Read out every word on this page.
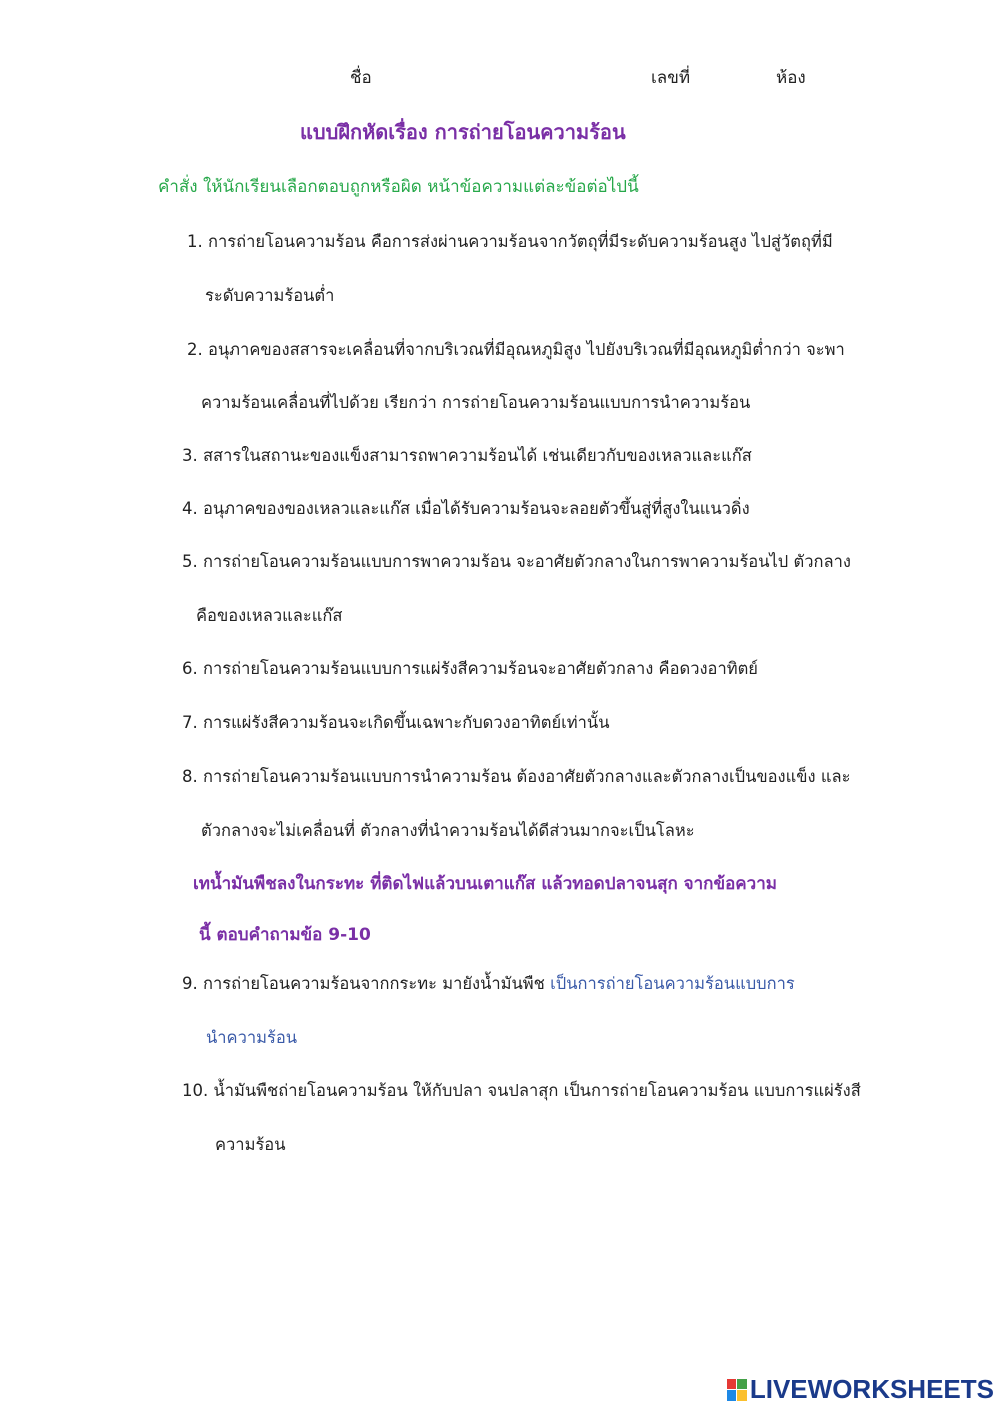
ชื่อ	เลขที่	ห้อง
แบบฝึกหัดเรื่อง การถ่ายโอนความร้อน
คำสั่ง ให้นักเรียนเลือกตอบถูกหรือผิด หน้าข้อความแต่ละข้อต่อไปนี้
1. การถ่ายโอนความร้อน คือการส่งผ่านความร้อนจากวัตถุที่มีระดับความร้อนสูง ไปสู่วัตถุที่มี
ระดับความร้อนต่ำ
2. อนุภาคของสสารจะเคลื่อนที่จากบริเวณที่มีอุณหภูมิสูง ไปยังบริเวณที่มีอุณหภูมิต่ำกว่า จะพา
ความร้อนเคลื่อนที่ไปด้วย เรียกว่า การถ่ายโอนความร้อนแบบการนำความร้อน
3. สสารในสถานะของแข็งสามารถพาความร้อนได้ เช่นเดียวกับของเหลวและแก๊ส
4. อนุภาคของของเหลวและแก๊ส เมื่อได้รับความร้อนจะลอยตัวขึ้นสู่ที่สูงในแนวดิ่ง
5. การถ่ายโอนความร้อนแบบการพาความร้อน จะอาศัยตัวกลางในการพาความร้อนไป ตัวกลาง
คือของเหลวและแก๊ส
6. การถ่ายโอนความร้อนแบบการแผ่รังสีความร้อนจะอาศัยตัวกลาง คือดวงอาทิตย์
7. การแผ่รังสีความร้อนจะเกิดขึ้นเฉพาะกับดวงอาทิตย์เท่านั้น
8. การถ่ายโอนความร้อนแบบการนำความร้อน ต้องอาศัยตัวกลางและตัวกลางเป็นของแข็ง และ
ตัวกลางจะไม่เคลื่อนที่ ตัวกลางที่นำความร้อนได้ดีส่วนมากจะเป็นโลหะ
เทน้ำมันพืชลงในกระทะ ที่ติดไฟแล้วบนเตาแก๊ส แล้วทอดปลาจนสุก จากข้อความ
นี้ ตอบคำถามข้อ 9-10
9. การถ่ายโอนความร้อนจากกระทะ มายังน้ำมันพืช เป็นการถ่ายโอนความร้อนแบบการ
นำความร้อน
10. น้ำมันพืชถ่ายโอนความร้อน ให้กับปลา จนปลาสุก เป็นการถ่ายโอนความร้อน แบบการแผ่รังสี
ความร้อน
LIVEWORKSHEETS
